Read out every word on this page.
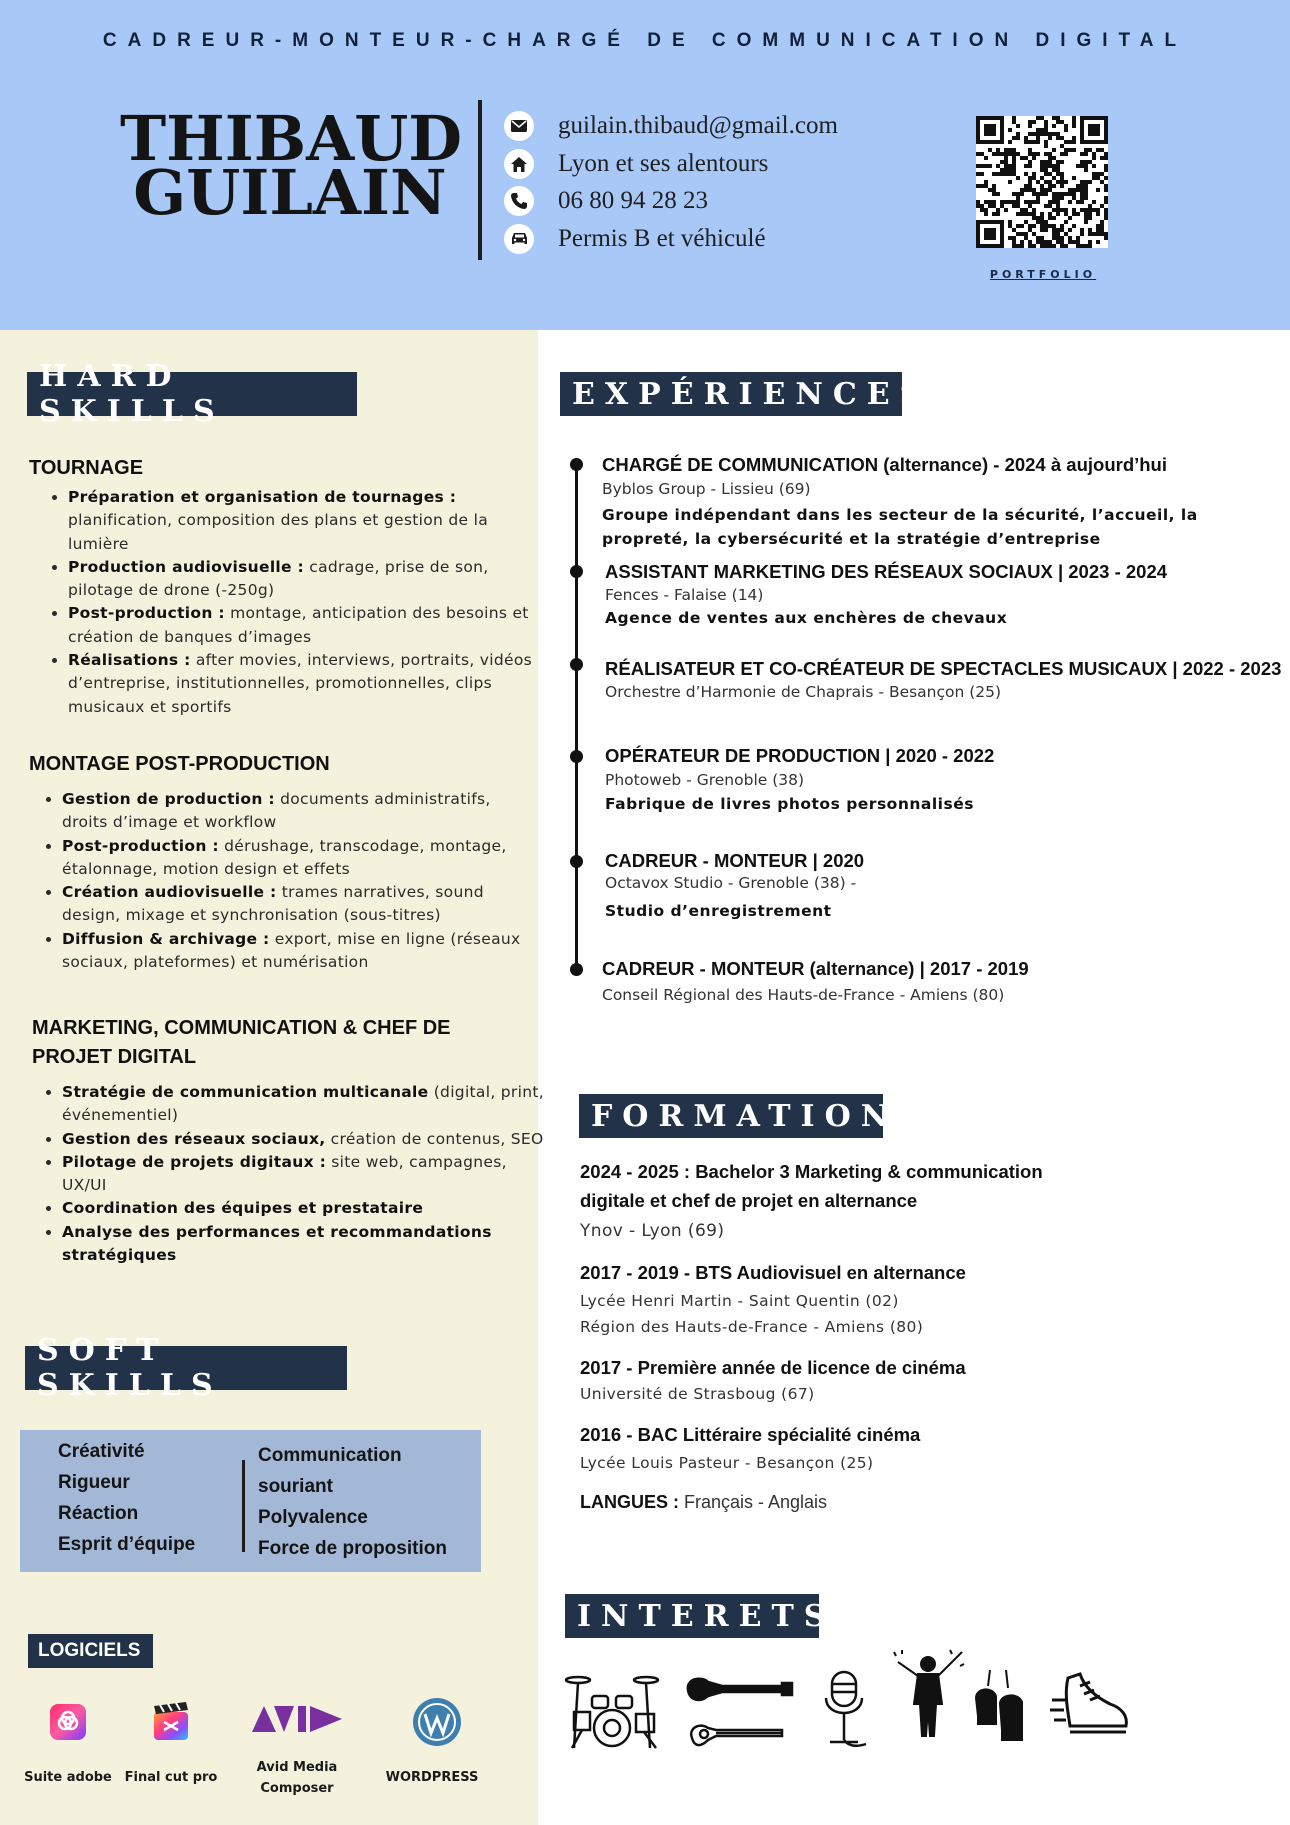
CADREUR-MONTEUR-CHARGÉ DE COMMUNICATION DIGITAL
THIBAUD
GUILAIN
guilain.thibaud@gmail.com
Lyon et ses alentours
06 80 94 28 23
Permis B et véhiculé
PORTFOLIO
HARD SKILLS
TOURNAGE
• Préparation et organisation de tournages : planification, composition des plans et gestion de la lumière
• Production audiovisuelle : cadrage, prise de son, pilotage de drone (-250g)
• Post-production : montage, anticipation des besoins et création de banques d’images
• Réalisations : after movies, interviews, portraits, vidéos d’entreprise, institutionnelles, promotionnelles, clips musicaux et sportifs
MONTAGE POST-PRODUCTION
• Gestion de production : documents administratifs, droits d’image et workflow
• Post-production : dérushage, transcodage, montage, étalonnage, motion design et effets
• Création audiovisuelle : trames narratives, sound design, mixage et synchronisation (sous-titres)
• Diffusion & archivage : export, mise en ligne (réseaux sociaux, plateformes) et numérisation
MARKETING, COMMUNICATION & CHEF DE PROJET DIGITAL
• Stratégie de communication multicanale (digital, print, événementiel)
• Gestion des réseaux sociaux, création de contenus, SEO
• Pilotage de projets digitaux : site web, campagnes, UX/UI
• Coordination des équipes et prestataire
• Analyse des performances et recommandations stratégiques
SOFT SKILLS
Créativité
Rigueur
Réaction
Esprit d’équipe
Communication
souriant
Polyvalence
Force de proposition
LOGICIELS
Suite adobe Final cut pro
Avid Media Composer
WORDPRESS
EXPÉRIENCES
CHARGÉ DE COMMUNICATION (alternance) - 2024 à aujourd’hui
Byblos Group - Lissieu (69)
Groupe indépendant dans les secteur de la sécurité, l’accueil, la propreté, la cybersécurité et la stratégie d’entreprise
ASSISTANT MARKETING DES RÉSEAUX SOCIAUX | 2023 - 2024
Fences - Falaise (14)
Agence de ventes aux enchères de chevaux
RÉALISATEUR ET CO-CRÉATEUR DE SPECTACLES MUSICAUX | 2022 - 2023
Orchestre d’Harmonie de Chaprais - Besançon (25)
OPÉRATEUR DE PRODUCTION | 2020 - 2022
Photoweb - Grenoble (38)
Fabrique de livres photos personnalisés
CADREUR - MONTEUR | 2020
Octavox Studio - Grenoble (38) -
Studio d’enregistrement
CADREUR - MONTEUR (alternance) | 2017 - 2019
Conseil Régional des Hauts-de-France - Amiens (80)
FORMATION
2024 - 2025 : Bachelor 3 Marketing & communication digitale et chef de projet en alternance
Ynov - Lyon (69)
2017 - 2019 - BTS Audiovisuel en alternance
Lycée Henri Martin - Saint Quentin (02)
Région des Hauts-de-France - Amiens (80)
2017 - Première année de licence de cinéma
Université de Strasboug (67)
2016 - BAC Littéraire spécialité cinéma
Lycée Louis Pasteur - Besançon (25)
LANGUES : Français - Anglais
INTERETS
